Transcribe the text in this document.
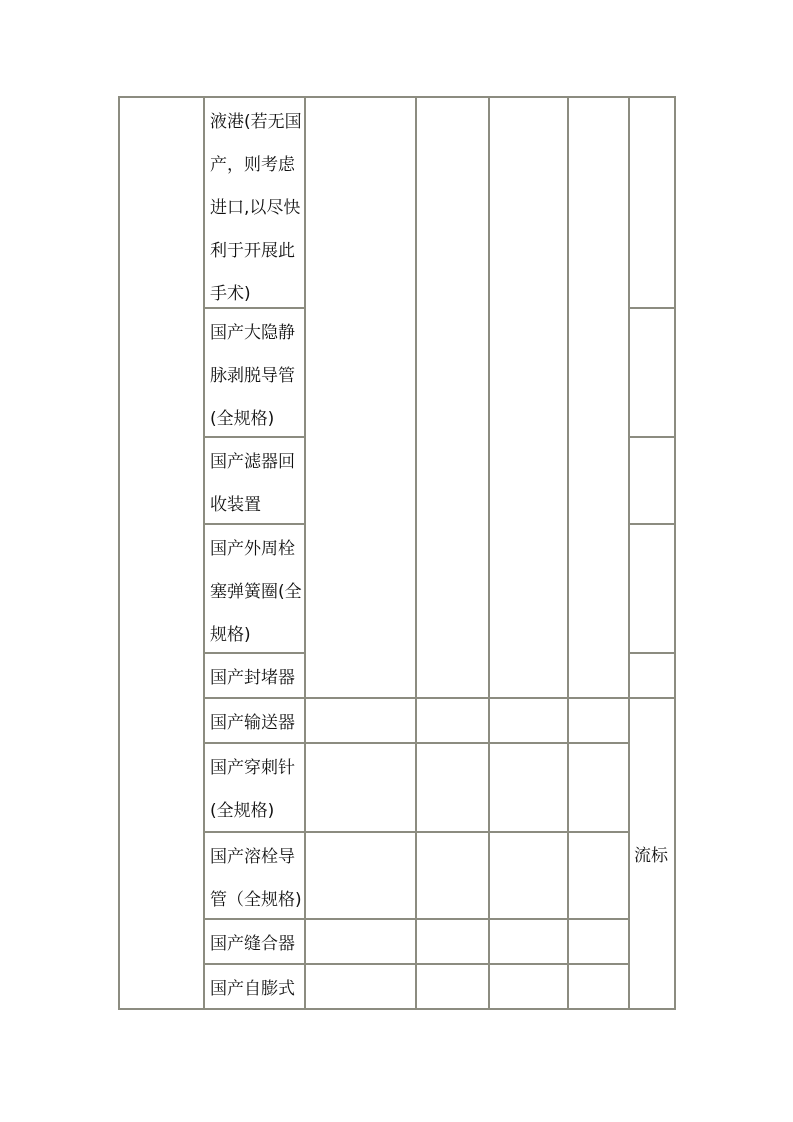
液港(若无国
产，则考虑
进口,以尽快
利于开展此
手术)
国产大隐静
脉剥脱导管
(全规格)
国产滤器回
收装置
国产外周栓
塞弹簧圈(全
规格)
国产封堵器
国产输送器
国产穿刺针
(全规格)
国产溶栓导
管（全规格)
国产缝合器
国产自膨式
流标
